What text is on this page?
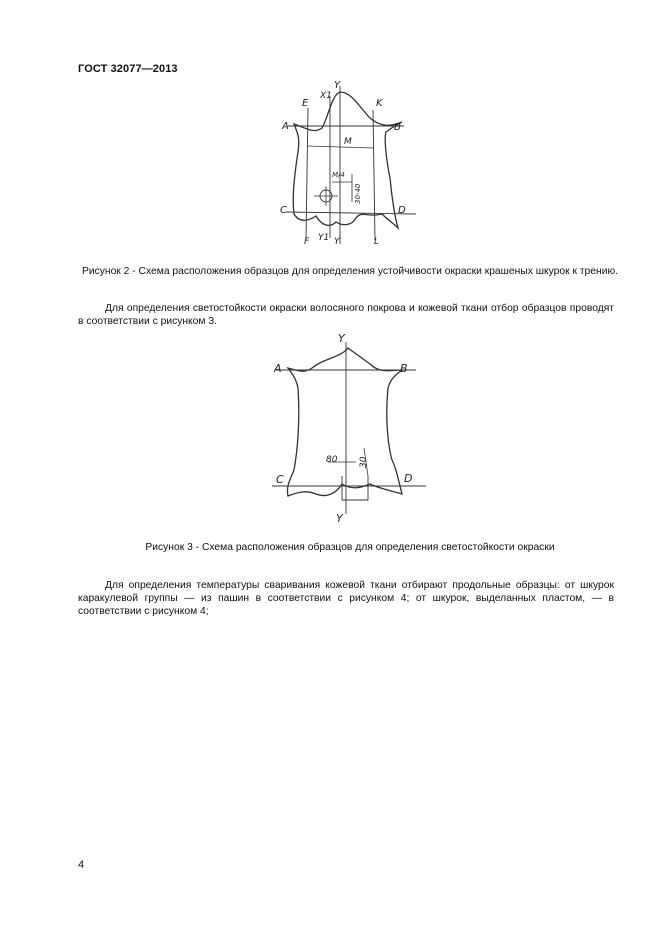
ГОСТ 32077—2013
Y
X1
E	K
A	B
M
M/4
30-40
C	D
F Y1 Y	L
Рисунок 2 - Схема расположения образцов для определения устойчивости окраски крашеных шкурок к трению.
Для определения светостойкости окраски волосяного покрова и кожевой ткани отбор образцов проводят в соответствии с рисунком 3.
Y
A	B
C	D
80 30
Y
Рисунок 3 - Схема расположения образцов для определения светостойкости окраски
Для определения температуры сваривания кожевой ткани отбирают продольные образцы: от шкурок каракулевой группы — из пашин в соответствии с рисунком 4; от шкурок, выделанных пластом, — в соответствии с рисунком 4;
4
